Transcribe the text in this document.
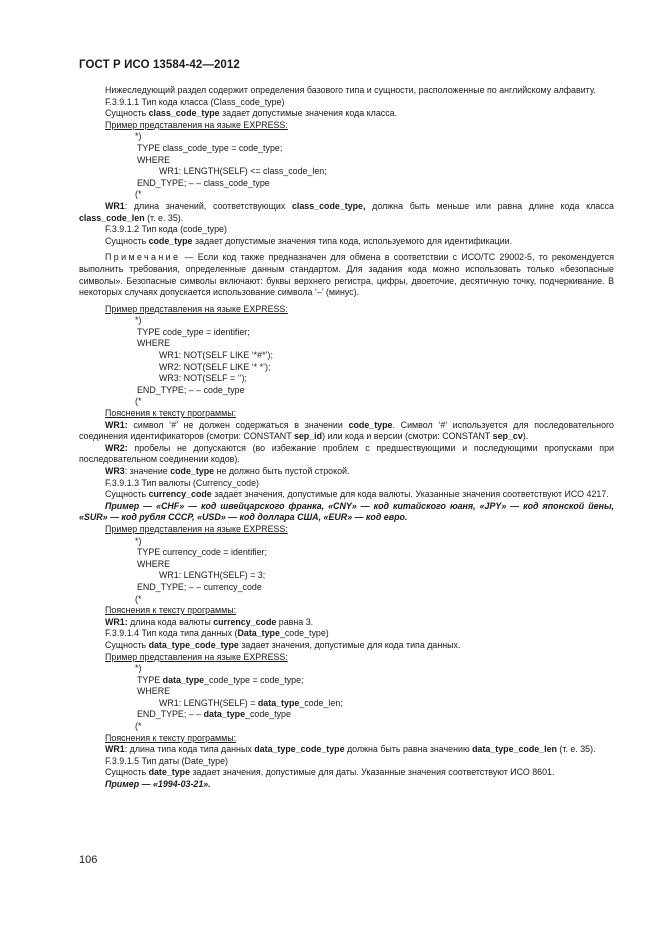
ГОСТ Р ИСО 13584-42—2012

Нижеследующий раздел содержит определения базового типа и сущности, расположенные по английскому алфавиту.

F.3.9.1.1 Тип кода класса (Class_code_type)

Сущность class_code_type задает допустимые значения кода класса.

Пример представления на языке EXPRESS:

*)

TYPE class_code_type = code_type;

WHERE

WR1: LENGTH(SELF) <= class_code_len;

END_TYPE; – – class_code_type

(*

WR1: длина значений, соответствующих class_code_type, должна быть меньше или равна длине кода класса class_code_len (т. е. 35).

F.3.9.1.2 Тип кода (code_type)

Сущность code_type задает допустимые значения типа кода, используемого для идентификации.

Примечание — Если код также предназначен для обмена в соответствии с ИСО/ТС 29002-5, то рекомендуется выполнить требования, определенные данным стандартом. Для задания кода можно использовать только «безопасные символы». Безопасные символы включают: буквы верхнего регистра, цифры, двоеточие, десятичную точку, подчеркивание. В некоторых случаях допускается использование символа ‘–’ (минус).

Пример представления на языке EXPRESS:

*)

TYPE code_type = identifier;

WHERE

WR1: NOT(SELF LIKE ‘*#*’);

WR2: NOT(SELF LIKE ‘* *’);

WR3: NOT(SELF = ‘’);

END_TYPE; – – code_type

(*

Пояснения к тексту программы:

WR1: символ ‘#’ не должен содержаться в значении code_type. Символ ‘#’ используется для последовательного соединения идентификаторов (смотри: CONSTANT sep_id) или кода и версии (смотри: CONSTANT sep_cv).

WR2: пробелы не допускаются (во избежание проблем с предшествующими и последующими пропусками при последовательном соединении кодов).

WR3: значение code_type не должно быть пустой строкой.

F.3.9.1.3 Тип валюты (Currency_code)

Сущность currency_code задает значения, допустимые для кода валюты. Указанные значения соответствуют ИСО 4217.

Пример — «CHF» — код швейцарского франка, «CNY» — код китайского юаня, «JPY» — код японской йены, «SUR» — код рубля СССР, «USD» — код доллара США, «EUR» — код евро.

Пример представления на языке EXPRESS:

*)

TYPE currency_code = identifier;

WHERE

WR1: LENGTH(SELF) = 3;

END_TYPE; – – currency_code

(*

Пояснения к тексту программы:

WR1: длина кода валюты currency_code равна 3.

F.3.9.1.4 Тип кода типа данных (Data_type_code_type)

Сущность data_type_code_type задает значения, допустимые для кода типа данных.

Пример представления на языке EXPRESS:

*)

TYPE data_type_code_type = code_type;

WHERE

WR1: LENGTH(SELF) = data_type_code_len;

END_TYPE; – – data_type_code_type

(*

Пояснения к тексту программы:

WR1: длина типа кода типа данных data_type_code_type должна быть равна значению data_type_code_len (т. е. 35).

F.3.9.1.5 Тип даты (Date_type)

Сущность date_type задает значения, допустимые для даты. Указанные значения соответствуют ИСО 8601.

Пример — «1994-03-21».

106
